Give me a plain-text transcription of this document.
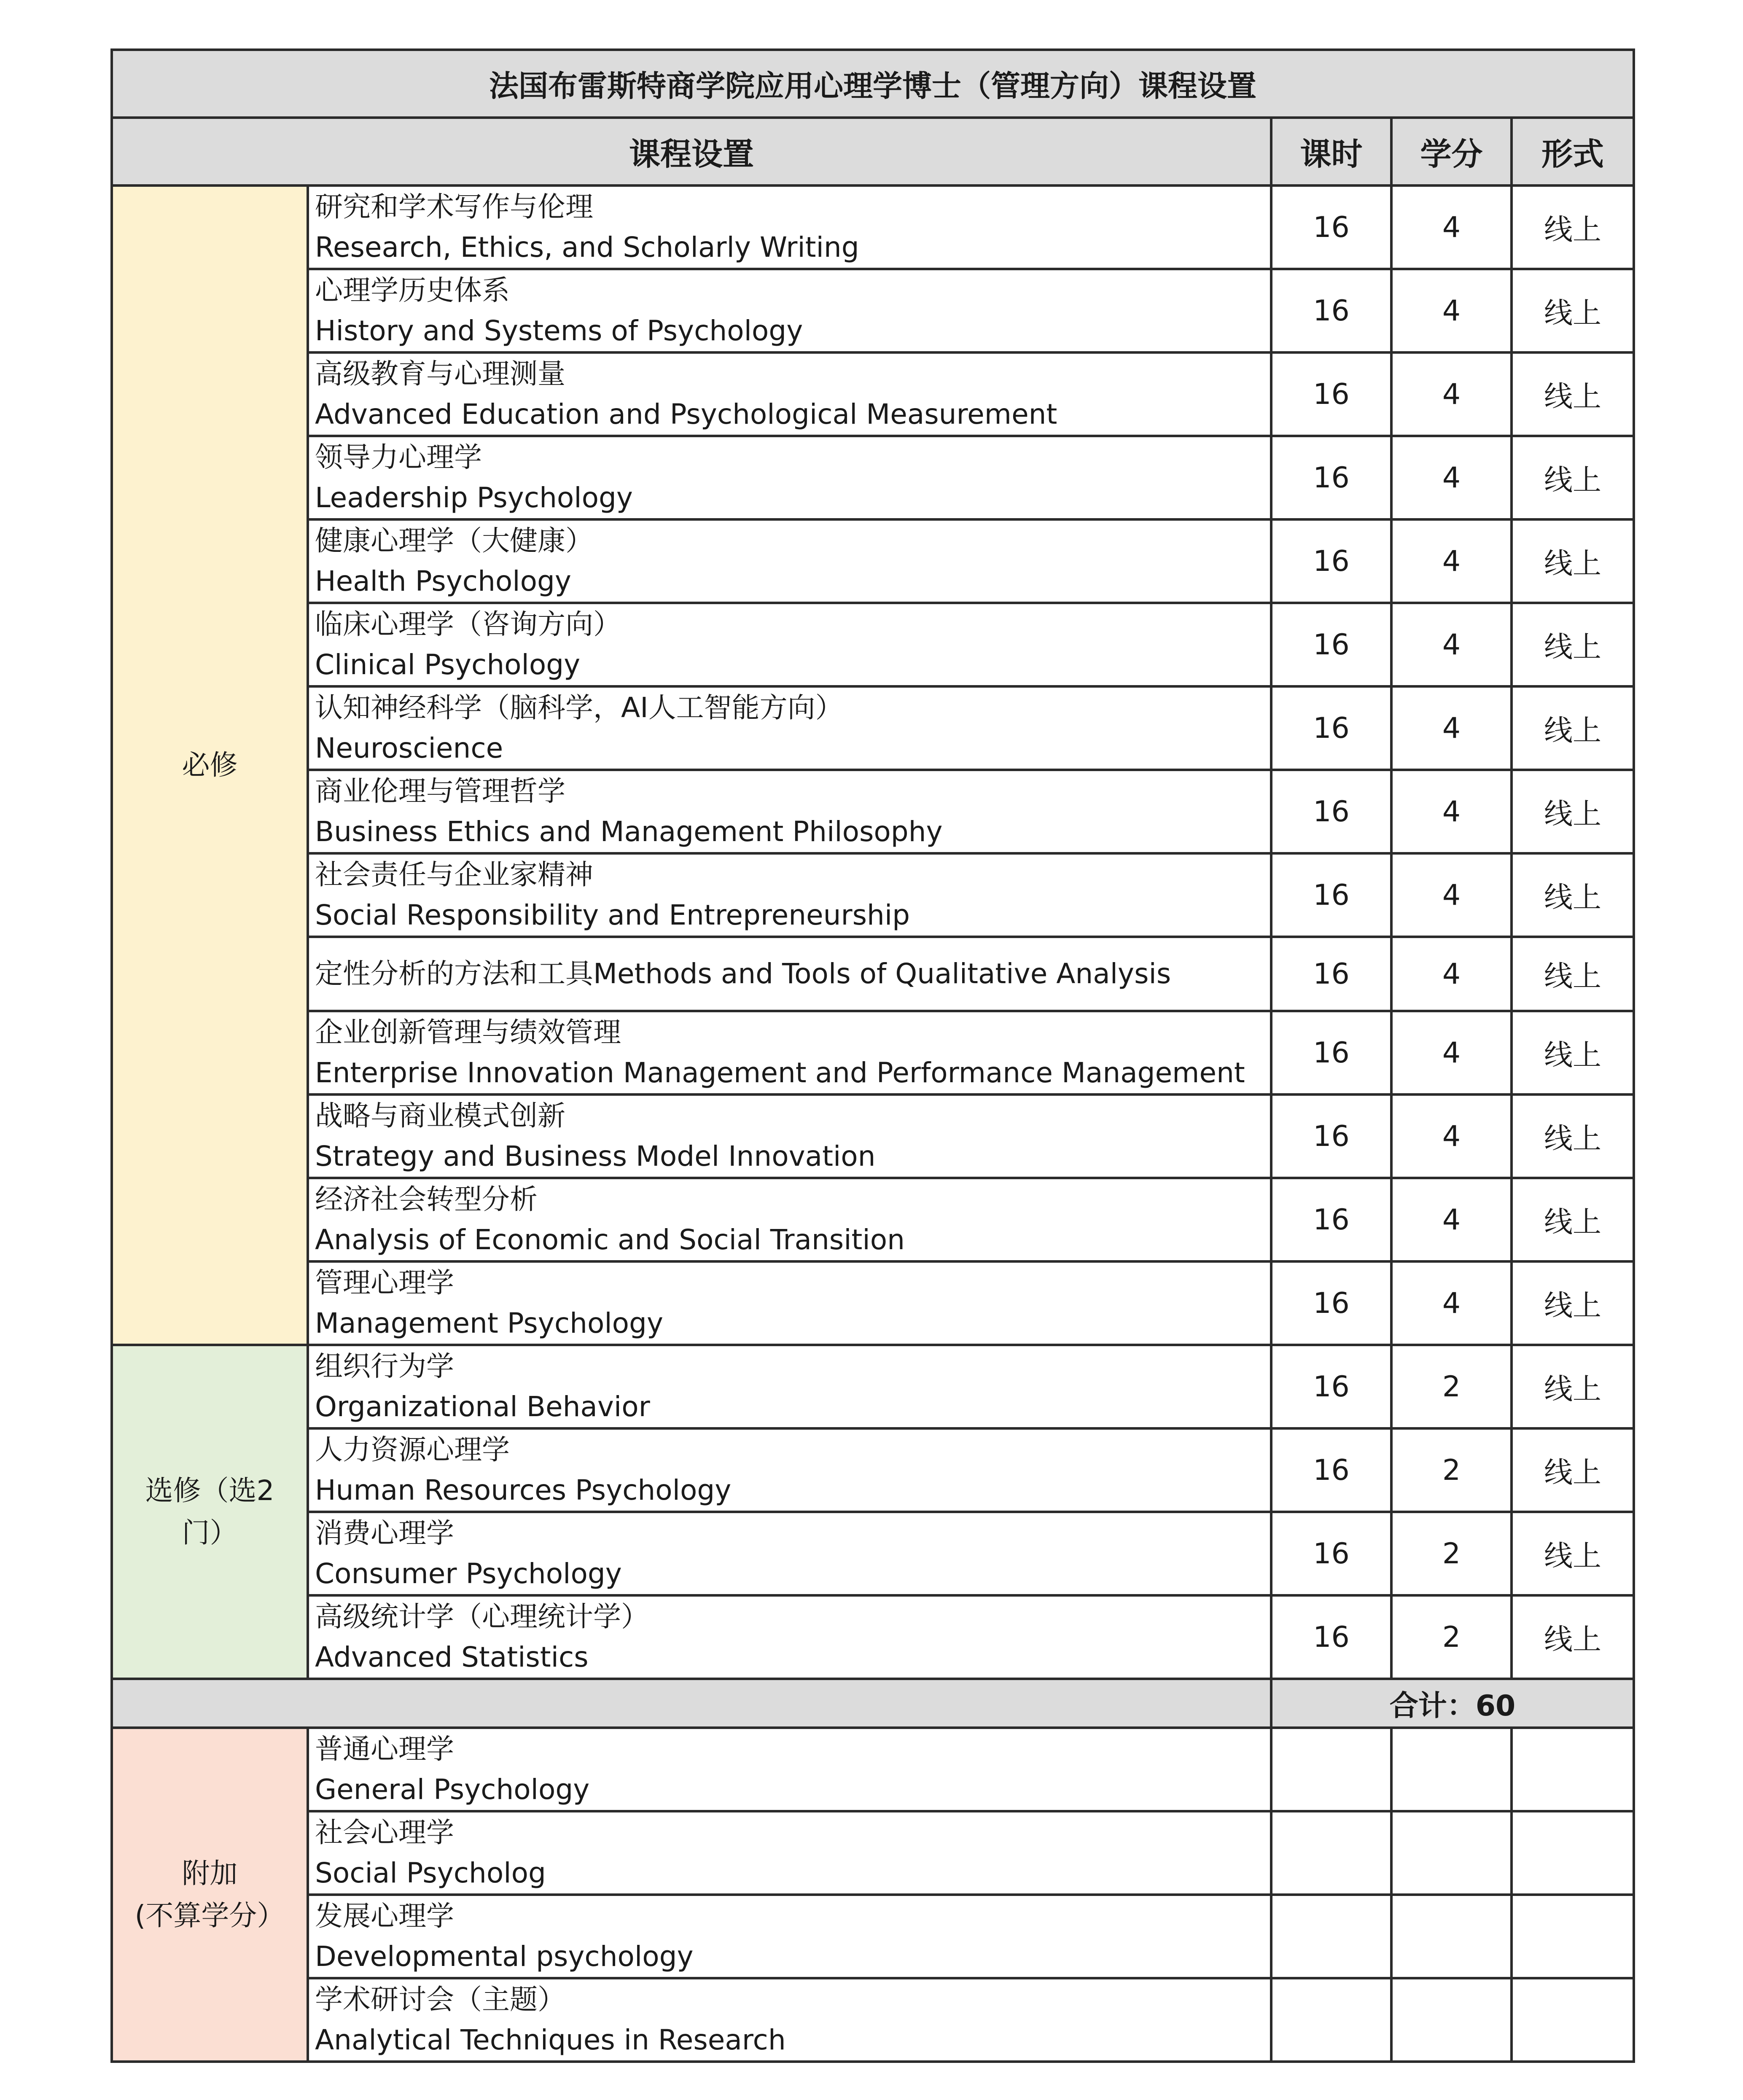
法国布雷斯特商学院应用心理学博士（管理方向）课程设置				
课程设置		课时	学分	形式

必修	研究和学术写作与伦理
Research, Ethics, and Scholarly Writing	16	4	线上

	心理学历史体系
History and Systems of Psychology	16	4	线上

	高级教育与心理测量
Advanced Education and Psychological Measurement	16	4	线上

	领导力心理学
Leadership Psychology	16	4	线上

	健康心理学（大健康）
Health Psychology	16	4	线上

	临床心理学（咨询方向）
Clinical Psychology	16	4	线上

	认知神经科学（脑科学，AI人工智能方向）
Neuroscience	16	4	线上

	商业伦理与管理哲学
Business Ethics and Management Philosophy	16	4	线上

	社会责任与企业家精神
Social Responsibility and Entrepreneurship	16	4	线上

	定性分析的方法和工具Methods and Tools of Qualitative Analysis	16	4	线上

	企业创新管理与绩效管理
Enterprise Innovation Management and Performance Management	16	4	线上

	战略与商业模式创新
Strategy and Business Model Innovation	16	4	线上

	经济社会转型分析
Analysis of Economic and Social Transition	16	4	线上

	管理心理学
Management Psychology	16	4	线上

选修（选2门）	组织行为学
Organizational Behavior	16	2	线上

	人力资源心理学
Human Resources Psychology	16	2	线上

	消费心理学
Consumer Psychology	16	2	线上

	高级统计学（心理统计学）
Advanced Statistics	16	2	线上
		合计：60		

附加
(不算学分）	普通心理学
General Psychology			

	社会心理学
Social Psycholog			

	发展心理学
Developmental psychology			

	学术研讨会（主题）
Analytical Techniques in Research			
